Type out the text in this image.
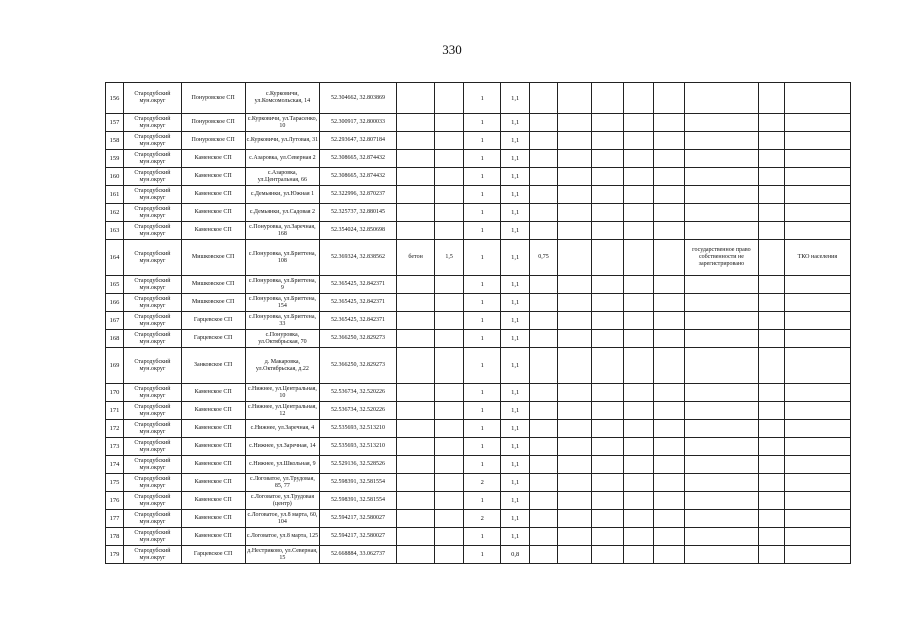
330
156	Стародубский мун.округ	Понуровское СП	с.Курковичи, ул.Комсомольская, 14	52.304662, 32.803869			1	1,1								
157	Стародубский мун.округ	Понуровское СП	с.Курковичи, ул.Тарасенко, 10	52.300917, 32.800033			1	1,1								
158	Стародубский мун.округ	Понуровское СП	с.Курковичи, ул.Лутовая, 31	52.293647, 32.807184			1	1,1								
159	Стародубский мун.округ	Каменское СП	с.Азаровка, ул.Северная 2	52.308665, 32.874432			1	1,1								
160	Стародубский мун.округ	Каменское СП	с.Азаровка, ул.Центральная, 66	52.308665, 32.874432			1	1,1								
161	Стародубский мун.округ	Каменское СП	с.Демьянки, ул.Южная 1	52.322996, 32.870237			1	1,1								
162	Стародубский мун.округ	Каменское СП	с.Демьянки, ул.Садовая 2	52.325737, 32.880145			1	1,1								
163	Стародубский мун.округ	Каменское СП	с.Понуровка, ул.Заречная, 168	52.354024, 32.850698			1	1,1								
164	Стародубский мун.округ	Мишковское СП	с.Понуровка, ул.Бриттена, 108	52.369324, 32.838562	бетон	1,5	1	1,1	0,75					государственное право собственности не зарегистрировано		ТКО населения
165	Стародубский мун.округ	Мишковское СП	с.Понуровка, ул.Бриттена, 9	52.365425, 32.842371			1	1,1								
166	Стародубский мун.округ	Мишковское СП	с.Понуровка, ул.Бриттена, 154	52.365425, 32.842371			1	1,1								
167	Стародубский мун.округ	Гарцевское СП	с.Понуровка, ул.Бриттена, 33	52.365425, 32.842371			1	1,1								
168	Стародубский мун.округ	Гарцевское СП	с.Понуровка, ул.Октябрьская, 70	52.366250, 32.829273			1	1,1								
169	Стародубский мун.округ	Занковское СП	д. Макаровка, ул.Октябрьская, д.22	52.366250, 32.829273			1	1,1								
170	Стародубский мун.округ	Каменское СП	с.Нижнее, ул.Центральная, 10	52.536734, 32.520226			1	1,1								
171	Стародубский мун.округ	Каменское СП	с.Нижнее, ул.Центральная, 12	52.536734, 32.520226			1	1,1								
172	Стародубский мун.округ	Каменское СП	с.Нижнее, ул.Заречная, 4	52.535693, 32.513210			1	1,1								
173	Стародубский мун.округ	Каменское СП	с.Нижнее, ул.Заречная, 14	52.535693, 32.513210			1	1,1								
174	Стародубский мун.округ	Каменское СП	с.Нижнее, ул.Школьная, 9	52.529136, 32.528526			1	1,1								
175	Стародубский мун.округ	Каменское СП	с.Логоватое, ул.Трудовая, 85, 77	52.598391, 32.581554			2	1,1								
176	Стародубский мун.округ	Каменское СП	с.Логоватое, ул.Трудовая (центр)	52.598391, 32.581554			1	1,1								
177	Стародубский мун.округ	Каменское СП	с.Логоватое, ул.8 марта, 60, 104	52.594217, 32.580027			2	1,1								
178	Стародубский мун.округ	Каменское СП	с.Логоватое, ул.8 марта, 125	52.594217, 32.580027			1	1,1								
179	Стародубский мун.округ	Гарцевское СП	д.Нестриково, ул.Северная, 15	52.668884, 33.062737			1	0,8								
